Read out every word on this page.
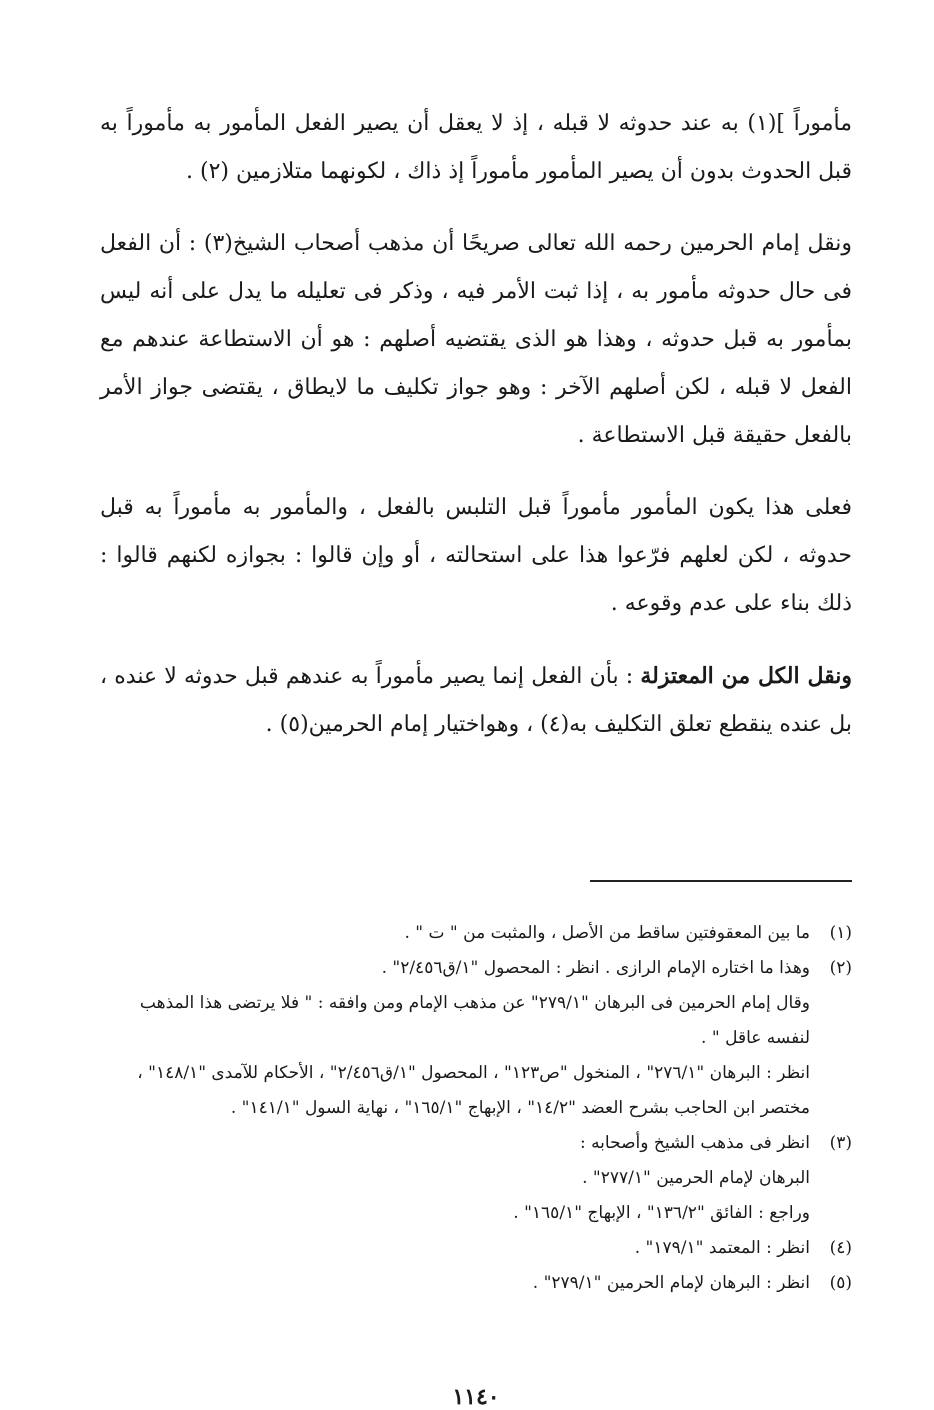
مأموراً ](١) به عند حدوثه لا قبله ، إذ لا يعقل أن يصير الفعل المأمور به مأموراً به قبل الحدوث بدون أن يصير المأمور مأموراً إذ ذاك ، لكونهما متلازمين (٢) .

ونقل إمام الحرمين رحمه الله تعالى صريحًا أن مذهب أصحاب الشيخ(٣) : أن الفعل فى حال حدوثه مأمور به ، إذا ثبت الأمر فيه ، وذكر فى تعليله ما يدل على أنه ليس بمأمور به قبل حدوثه ، وهذا هو الذى يقتضيه أصلهم : هو أن الاستطاعة عندهم مع الفعل لا قبله ، لكن أصلهم الآخر : وهو جواز تكليف ما لايطاق ، يقتضى جواز الأمر بالفعل حقيقة قبل الاستطاعة .

فعلى هذا يكون المأمور مأموراً قبل التلبس بالفعل ، والمأمور به مأموراً به قبل حدوثه ، لكن لعلهم فرّعوا هذا على استحالته ، أو وإن قالوا : بجوازه لكنهم قالوا : ذلك بناء على عدم وقوعه .

ونقل الكل من المعتزلة : بأن الفعل إنما يصير مأموراً به عندهم قبل حدوثه لا عنده ، بل عنده ينقطع تعلق التكليف به(٤) ، وهواختيار إمام الحرمين(٥) .

(١)
ما بين المعقوفتين ساقط من الأصل ، والمثبت من " ت " .
(٢)
وهذا ما اختاره الإمام الرازى . انظر : المحصول "١/ق٢/٤٥٦" .
وقال إمام الحرمين فى البرهان "٢٧٩/١" عن مذهب الإمام ومن وافقه : " فلا يرتضى هذا المذهب لنفسه عاقل " .
انظر : البرهان "٢٧٦/١" ، المنخول "ص١٢٣" ، المحصول "١/ق٢/٤٥٦" ، الأحكام للآمدى "١٤٨/١" ، مختصر ابن الحاجب بشرح العضد "١٤/٢" ، الإبهاج "١٦٥/١" ، نهاية السول "١٤١/١" .
(٣)
انظر فى مذهب الشيخ وأصحابه :
البرهان لإمام الحرمين "٢٧٧/١" .
وراجع : الفائق "١٣٦/٢" ، الإبهاج "١٦٥/١" .
(٤)
انظر : المعتمد "١٧٩/١" .
(٥)
انظر : البرهان لإمام الحرمين "٢٧٩/١" .
١١٤٠
